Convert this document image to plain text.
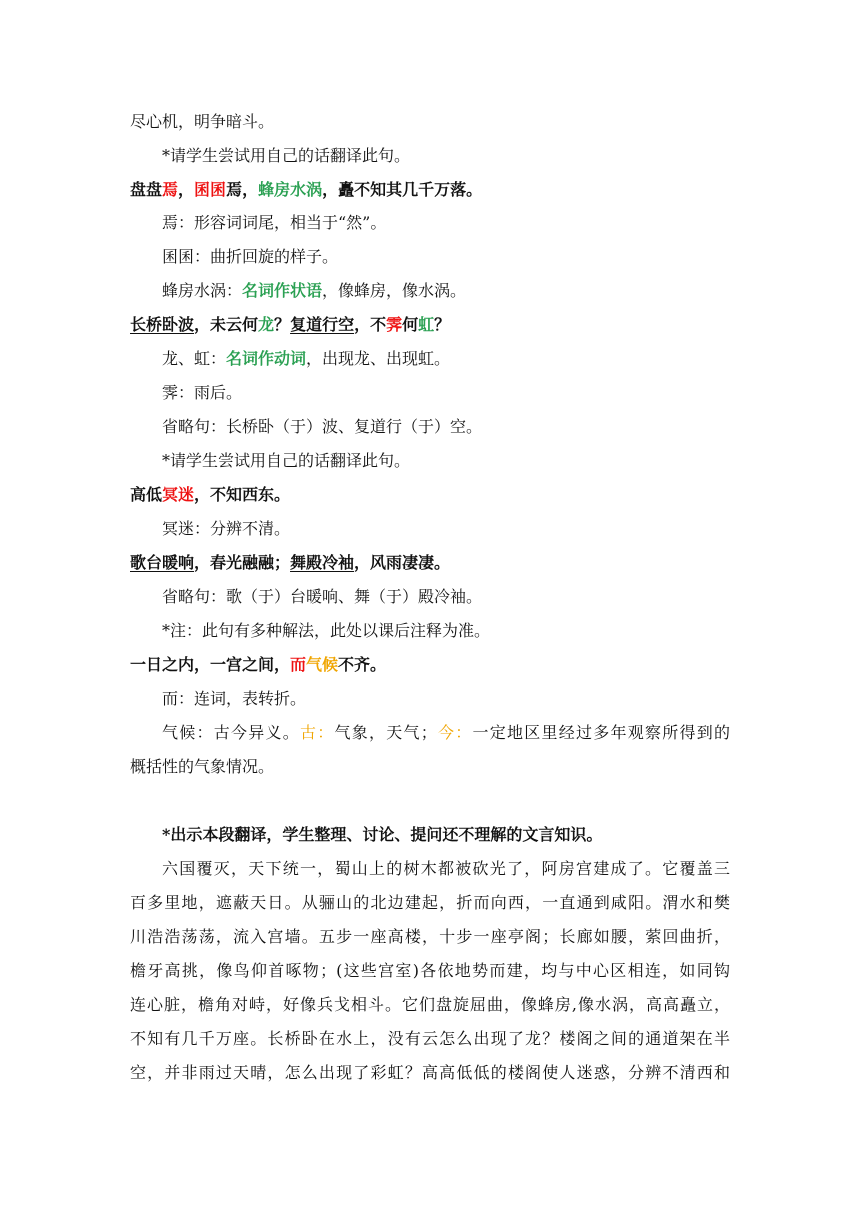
尽心机，明争暗斗。
*请学生尝试用自己的话翻译此句。
盘盘焉，囷囷焉，蜂房水涡，矗不知其几千万落。
焉：形容词词尾，相当于“然”。
囷囷：曲折回旋的样子。
蜂房水涡：名词作状语，像蜂房，像水涡。
长桥卧波，未云何龙？复道行空，不霁何虹？
龙、虹：名词作动词，出现龙、出现虹。
霁：雨后。
省略句：长桥卧（于）波、复道行（于）空。
*请学生尝试用自己的话翻译此句。
高低冥迷，不知西东。
冥迷：分辨不清。
歌台暖响，春光融融；舞殿冷袖，风雨凄凄。
省略句：歌（于）台暖响、舞（于）殿冷袖。
*注：此句有多种解法，此处以课后注释为准。
一日之内，一宫之间，而气候不齐。
而：连词，表转折。
气候：古今异义。古：气象，天气；今：一定地区里经过多年观察所得到的
概括性的气象情况。
*出示本段翻译，学生整理、讨论、提问还不理解的文言知识。
六国覆灭，天下统一，蜀山上的树木都被砍光了，阿房宫建成了。它覆盖三
百多里地，遮蔽天日。从骊山的北边建起，折而向西，一直通到咸阳。渭水和樊
川浩浩荡荡，流入宫墙。五步一座高楼，十步一座亭阁；长廊如腰，萦回曲折，
檐牙高挑，像鸟仰首啄物；(这些宫室)各依地势而建，均与中心区相连，如同钩
连心脏，檐角对峙，好像兵戈相斗。它们盘旋屈曲，像蜂房,像水涡，高高矗立，
不知有几千万座。长桥卧在水上，没有云怎么出现了龙？楼阁之间的通道架在半
空，并非雨过天晴，怎么出现了彩虹？高高低低的楼阁使人迷惑，分辨不清西和
